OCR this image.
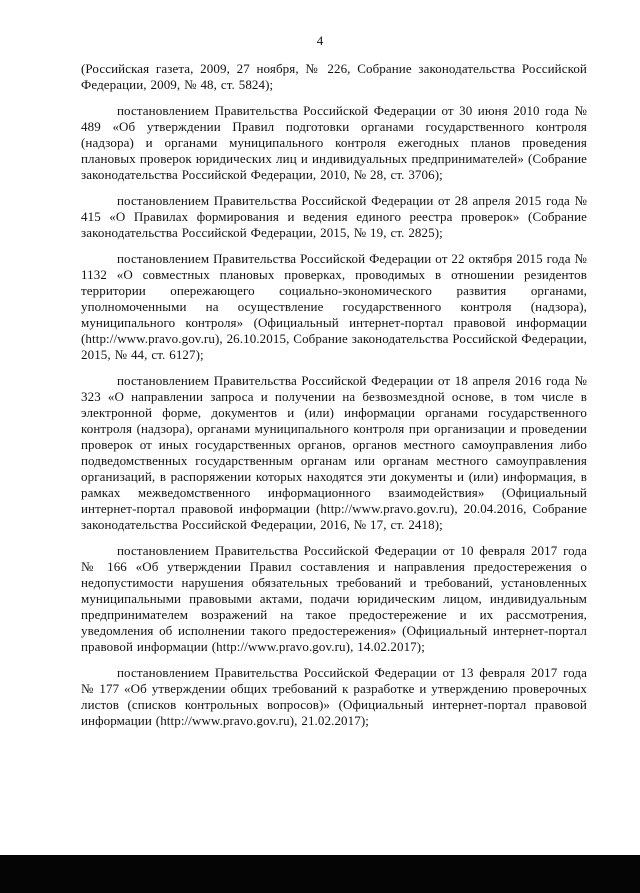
4

(Российская газета, 2009, 27 ноября, № 226, Собрание законодательства Российской Федерации, 2009, № 48, ст. 5824);

постановлением Правительства Российской Федерации от 30 июня 2010 года № 489 «Об утверждении Правил подготовки органами государственного контроля (надзора) и органами муниципального контроля ежегодных планов проведения плановых проверок юридических лиц и индивидуальных предпринимателей» (Собрание законодательства Российской Федерации, 2010, № 28, ст. 3706);

постановлением Правительства Российской Федерации от 28 апреля 2015 года № 415 «О Правилах формирования и ведения единого реестра проверок» (Собрание законодательства Российской Федерации, 2015, № 19, ст. 2825);

постановлением Правительства Российской Федерации от 22 октября 2015 года № 1132 «О совместных плановых проверках, проводимых в отношении резидентов территории опережающего социально-экономического развития органами, уполномоченными на осуществление государственного контроля (надзора), муниципального контроля» (Официальный интернет-портал правовой информации (http://www.pravo.gov.ru), 26.10.2015, Собрание законодательства Российской Федерации, 2015, № 44, ст. 6127);

постановлением Правительства Российской Федерации от 18 апреля 2016 года № 323 «О направлении запроса и получении на безвозмездной основе, в том числе в электронной форме, документов и (или) информации органами государственного контроля (надзора), органами муниципального контроля при организации и проведении проверок от иных государственных органов, органов местного самоуправления либо подведомственных государственным органам или органам местного самоуправления организаций, в распоряжении которых находятся эти документы и (или) информация, в рамках межведомственного информационного взаимодействия» (Официальный интернет-портал правовой информации (http://www.pravo.gov.ru), 20.04.2016, Собрание законодательства Российской Федерации, 2016, № 17, ст. 2418);

постановлением Правительства Российской Федерации от 10 февраля 2017 года № 166 «Об утверждении Правил составления и направления предостережения о недопустимости нарушения обязательных требований и требований, установленных муниципальными правовыми актами, подачи юридическим лицом, индивидуальным предпринимателем возражений на такое предостережение и их рассмотрения, уведомления об исполнении такого предостережения» (Официальный интернет-портал правовой информации (http://www.pravo.gov.ru), 14.02.2017);

постановлением Правительства Российской Федерации от 13 февраля 2017 года № 177 «Об утверждении общих требований к разработке и утверждению проверочных листов (списков контрольных вопросов)» (Официальный интернет-портал правовой информации (http://www.pravo.gov.ru), 21.02.2017);
